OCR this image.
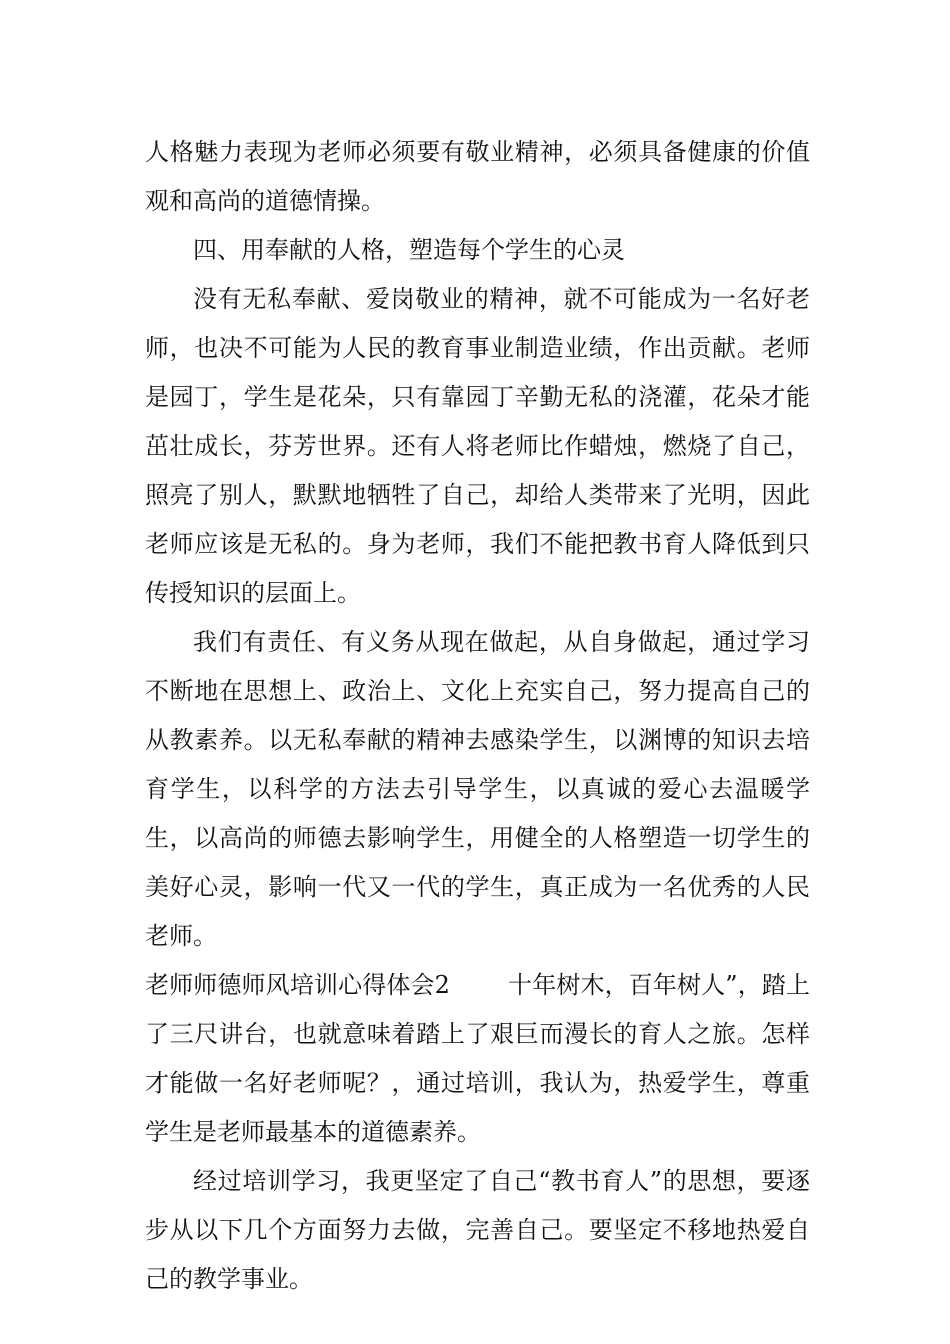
人格魅力表现为老师必须要有敬业精神，必须具备健康的价值观和高尚的道德情操。

四、用奉献的人格，塑造每个学生的心灵

没有无私奉献、爱岗敬业的精神，就不可能成为一名好老师，也决不可能为人民的教育事业制造业绩，作出贡献。老师是园丁，学生是花朵，只有靠园丁辛勤无私的浇灌，花朵才能茁壮成长，芬芳世界。还有人将老师比作蜡烛，燃烧了自己，照亮了别人，默默地牺牲了自己，却给人类带来了光明，因此老师应该是无私的。身为老师，我们不能把教书育人降低到只传授知识的层面上。

我们有责任、有义务从现在做起，从自身做起，通过学习不断地在思想上、政治上、文化上充实自己，努力提高自己的从教素养。以无私奉献的精神去感染学生，以渊博的知识去培育学生，以科学的方法去引导学生，以真诚的爱心去温暖学生，以高尚的师德去影响学生，用健全的人格塑造一切学生的美好心灵，影响一代又一代的学生，真正成为一名优秀的人民老师。

老师师德师风培训心得体会2 十年树木，百年树人”，踏上了三尺讲台，也就意味着踏上了艰巨而漫长的育人之旅。怎样才能做一名好老师呢？，通过培训，我认为，热爱学生，尊重学生是老师最基本的道德素养。

经过培训学习，我更坚定了自己“教书育人”的思想，要逐步从以下几个方面努力去做，完善自己。要坚定不移地热爱自己的教学事业。
